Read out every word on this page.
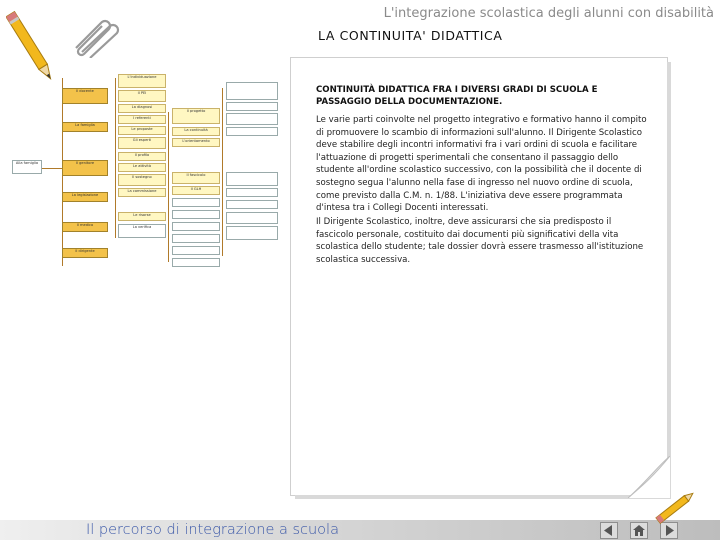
L'integrazione scolastica degli alunni con disabilità
LA CONTINUITA' DIDATTICA
Alla famiglia
Il docente
La famiglia
Il genitore
La legislazione
Il medico
Il dirigente
L'individuazione
Il PEI
La diagnosi
I referenti
Le proposte
Gli esperti
Il profilo
Le attività
Il sostegno
La commissione
Le risorse
La verifica
Il progetto
La continuità
L'orientamento
Il fascicolo
Il GLH
CONTINUITÀ DIDATTICA FRA I DIVERSI GRADI DI SCUOLA E PASSAGGIO DELLA DOCUMENTAZIONE.
Le varie parti coinvolte nel progetto integrativo e formativo hanno il compito di promuovere lo scambio di informazioni sull'alunno. Il Dirigente Scolastico deve stabilire degli incontri informativi fra i vari ordini di scuola e facilitare l'attuazione di progetti sperimentali che consentano il passaggio dello studente all'ordine scolastico successivo, con la possibilità che il docente di sostegno segua l'alunno nella fase di ingresso nel nuovo ordine di scuola, come previsto dalla C.M. n. 1/88. L'iniziativa deve essere programmata d'intesa tra i Collegi Docenti interessati.
Il Dirigente Scolastico, inoltre, deve assicurarsi che sia predisposto il fascicolo personale, costituito dai documenti più significativi della vita scolastica dello studente; tale dossier dovrà essere trasmesso all'istituzione scolastica successiva.
Il percorso di integrazione a scuola
